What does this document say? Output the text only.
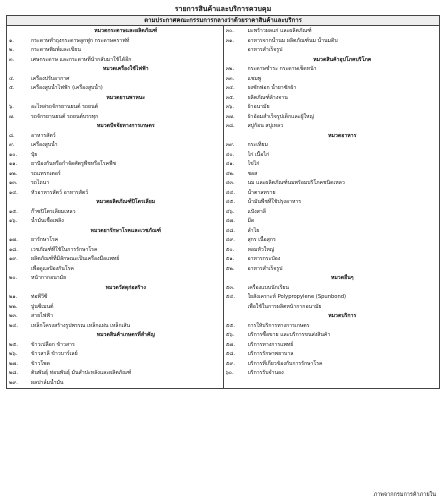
รายการสินค้าและบริการควบคุม
ตามประกาศคณะกรรมการกลางว่าด้วยราคาสินค้าและบริการ

หมวดกระดาษและผลิตภัณฑ์
๑.	กระดาษทำถุงกระดาษลูกฟูก กระดาษคราฟท์
๒.	กระดาษพิมพ์และเขียน
๓.	เศษกระดาษ และกระดาษที่นำกลับมาใช้ได้อีก
หมวดเครื่องใช้ไฟฟ้า
๔.	เครื่องปรับอากาศ
๕.	เครื่องสูบน้ำไฟฟ้า (เครื่องสูบน้ำ)
หมวดยานพาหนะ
๖.	อะไหล่รถจักรยานยนต์ รถยนต์
๗.	รถจักรยานยนต์ รถยนต์บรรทุก
หมวดปัจจัยทางการเกษตร
๘.	อาหารสัตว์
๙.	เครื่องสูบน้ำ
๑๐.	ปุ๋ย
๑๑.	ยาป้องกันหรือกำจัดศัตรูพืชหรือโรคพืช
๑๒.	รถแทรกเตอร์
๑๓.	รถไถนา
๑๔.	หัวอาหารสัตว์ อาหารสัตว์
หมวดผลิตภัณฑ์ปิโตรเลียม
๑๕.	ก๊าซปิโตรเลียมเหลว
๑๖.	น้ำมันเชื้อเพลิง
หมวดยารักษาโรคและเวชภัณฑ์
๑๗.	ยารักษาโรค
๑๘.	เวชภัณฑ์ที่ใช้ในการรักษาโรค
๑๙.	ผลิตภัณฑ์ที่มีลักษณะเป็นเครื่องมือแพทย์
เพื่อดูแลป้องกันโรค
๒๐.	หน้ากากอนามัย
หมวดวัสดุก่อสร้าง
๒๑.	ท่อพีวีซี
๒๒.	ปูนซีเมนต์
๒๓.	สายไฟฟ้า
๒๔.	เหล็กโครงสร้างรูปพรรณ เหล็กแผ่น เหล็กเส้น
หมวดสินค้าเกษตรที่สำคัญ
๒๕.	ข้าวเปลือก ข้าวสาร
๒๖.	ข้าวสาลี ข้าวบาร์เลย์
๒๗.	ข้าวโพด
๒๘.	ต้นพันธุ์ ท่อนพันธุ์ มันสำปะหลังและผลิตภัณฑ์
๒๙.	ผลปาล์มน้ำมัน

๓๐.	มะพร้าวผลแก่ และผลิตภัณฑ์
๓๑.	อาหารจากน้ำนม ผลิตภัณฑ์นม น้ำนมดิบ
อาหารสำเร็จรูป
หมวดสินค้าอุปโภคบริโภค
๓๒.	กระดาษชำระ กระดาษเช็ดหน้า
๓๓.	แชมพู
๓๔.	ผงซักฟอก น้ำยาซักผ้า
๓๕.	ผลิตภัณฑ์ล้างจาน
๓๖.	ผ้าอนามัย
๓๗.	ผ้าอ้อมสำเร็จรูปเด็กและผู้ใหญ่
๓๘.	สบู่ก้อน สบู่เหลว
หมวดอาหาร
๓๙.	กระเทียม
๔๐.	ไก่ เนื้อไก่
๔๑.	ไข่ไก่
๔๒.	ซอส
๔๓.	นม และผลิตภัณฑ์นมพร้อมบริโภคชนิดเหลว
๔๔.	น้ำตาลทราย
๔๕.	น้ำมันพืชที่ใช้ปรุงอาหาร
๔๖.	แป้งสาลี
๔๗.	มีด
๔๘.	ลำไย
๔๙.	สุกร เนื้อสุกร
๕๐.	หอมหัวใหญ่
๕๑.	อาหารกระป๋อง
๕๒.	อาหารสำเร็จรูป
หมวดอื่นๆ
๕๓.	เครื่องแบบนักเรียน
๕๔.	ใยสังเคราะห์ Polypropylene (Spunbond)
เพื่อใช้ในการผลิตหน้ากากอนามัย
หมวดบริการ
๕๕.	การให้บริการทางการเกษตร
๕๖.	บริการซื้อขาย และบริการขนส่งสินค้า
๕๗.	บริการทางการแพทย์
๕๘.	บริการรักษาพยาบาล
๕๙.	บริการที่เกี่ยวข้องกับการรักษาโรค
๖๐.	บริการรับจำนอง
ภาพจากกรมการค้าภายใน
